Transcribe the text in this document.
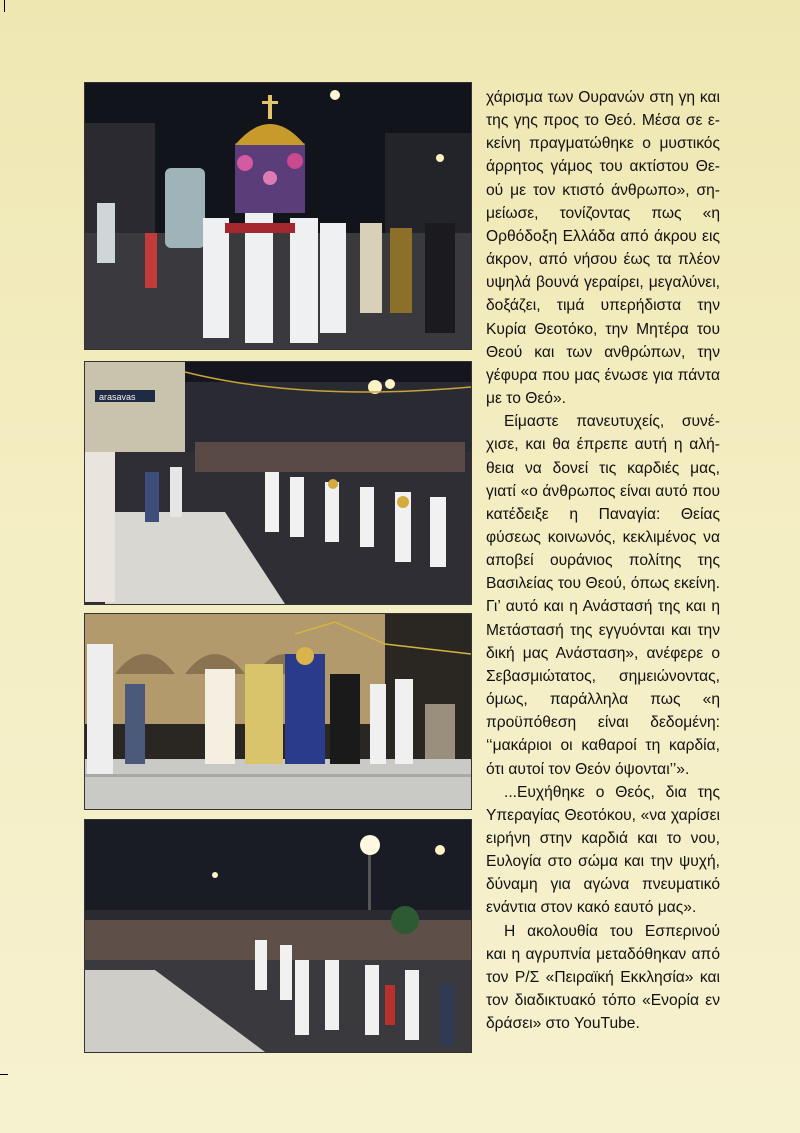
arasavas

χάρισμα των Ουρανών στη γη και της γης προς το Θεό. Μέσα σε εκείνη πραγματώθηκε ο μυστικός άρρητος γάμος του ακτίστου Θεού με τον κτιστό άνθρωπο», σημείωσε, τονίζοντας πως «η Ορθόδοξη Ελλάδα από άκρου εις άκρον, από νήσου έως τα πλέον υψηλά βουνά γεραίρει, μεγαλύνει, δοξάζει, τιμά υπερήδιστα την Κυρία Θεοτόκο, την Μητέρα του Θεού και των ανθρώπων, την γέφυρα που μας ένωσε για πάντα με το Θεό».

Είμαστε πανευτυχείς, συνέχισε, και θα έπρεπε αυτή η αλήθεια να δονεί τις καρδιές μας, γιατί «ο άνθρωπος είναι αυτό που κατέδειξε η Παναγία: Θείας φύσεως κοινωνός, κεκλιμένος να αποβεί ουράνιος πολίτης της Βασιλείας του Θεού, όπως εκείνη. Γι’ αυτό και η Ανάστασή της και η Μετάστασή της εγγυόνται και την δική μας Ανάσταση», ανέφερε ο Σεβασμιώτατος, σημειώνοντας, όμως, παράλληλα πως «η προϋπόθεση είναι δεδομένη: ‘‘μακάριοι οι καθαροί τη καρδία, ότι αυτοί τον Θεόν όψονται’’».

...Ευχήθηκε ο Θεός, δια της Υπεραγίας Θεοτόκου, «να χαρίσει ειρήνη στην καρδιά και το νου, Ευλογία στο σώμα και την ψυχή, δύναμη για αγώνα πνευματικό ενάντια στον κακό εαυτό μας».

Η ακολουθία του Εσπερινού και η αγρυπνία μεταδόθηκαν από τον Ρ/Σ «Πειραϊκή Εκκλησία» και τον διαδικτυακό τόπο «Ενορία εν δράσει» στο YouTube.
